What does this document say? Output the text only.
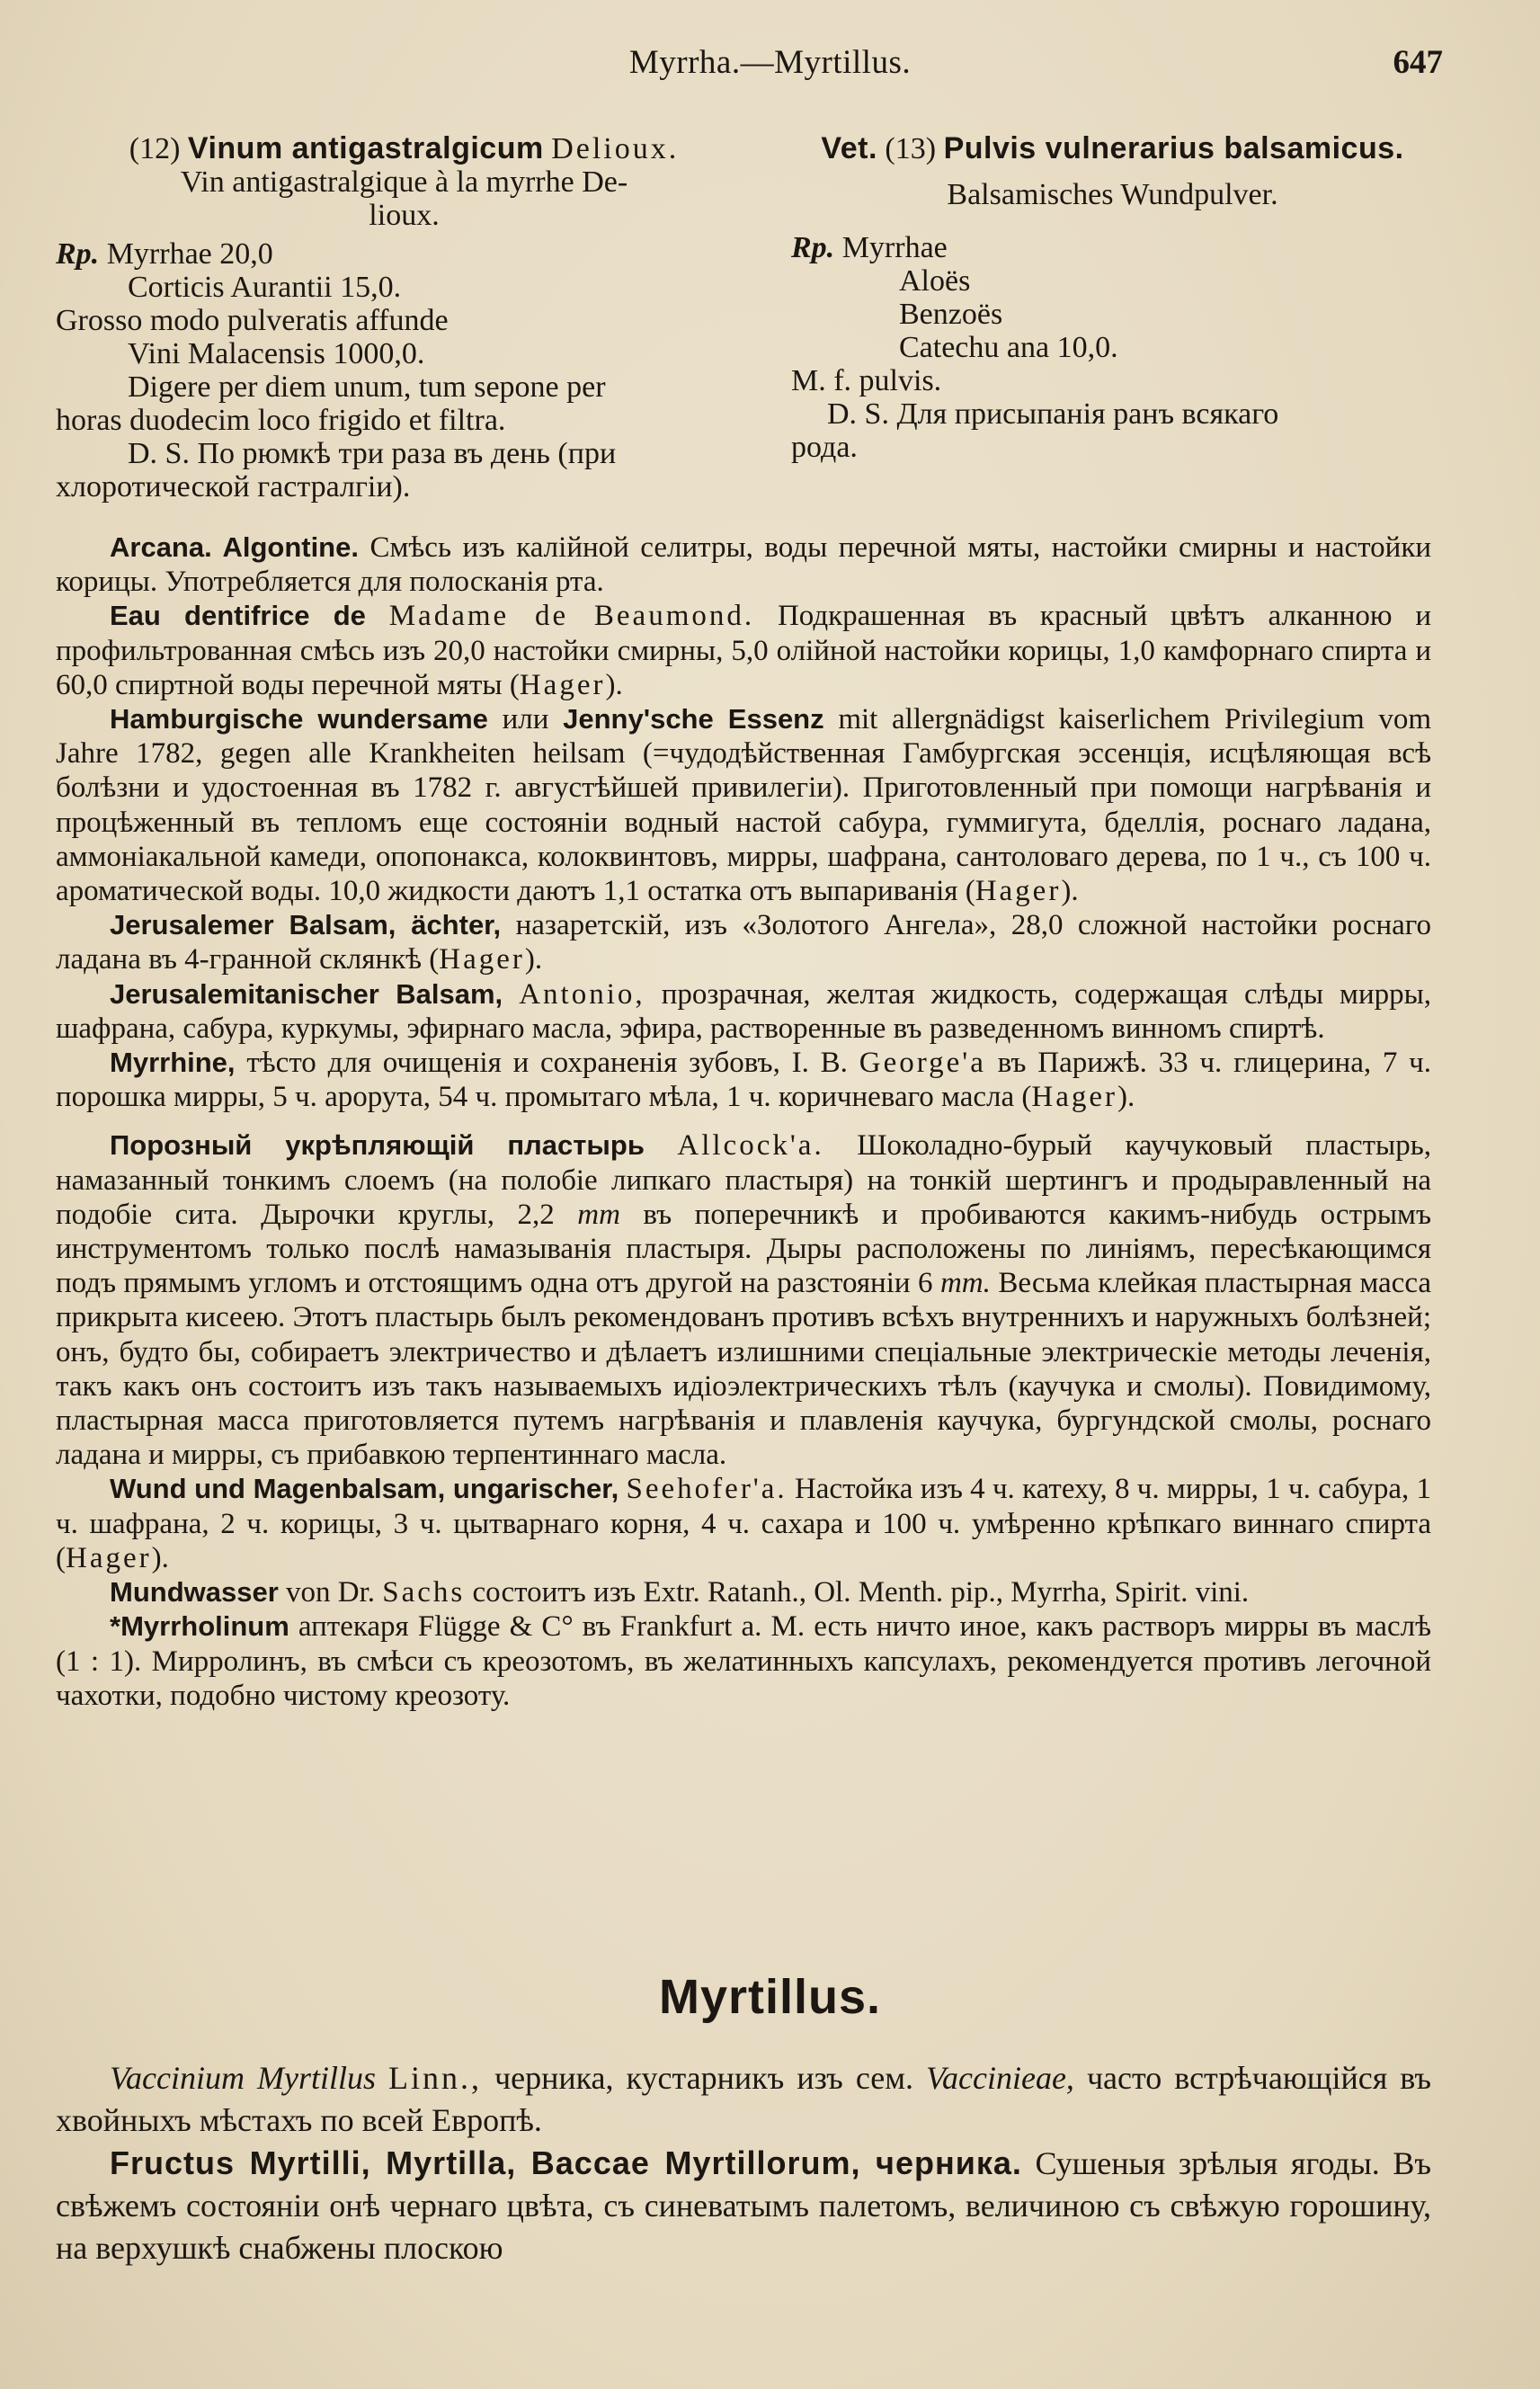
Myrrha.—Myrtillus.	647
(12) Vinum antigastralgicum Delioux.
Vin antigastralgique à la myrrhe De-
lioux.
Rp. Myrrhae 20,0
Corticis Aurantii 15,0.
Grosso modo pulveratis affunde
Vini Malacensis 1000,0.
Digere per diem unum, tum sepone per
horas duodecim loco frigido et filtra.
D. S. По рюмкѣ три раза въ день (при
хлоротической гастралгіи).
Vet. (13) Pulvis vulnerarius balsamicus.
Balsamisches Wundpulver.
Rp. Myrrhae
Aloës
Benzoës
Catechu ana 10,0.
M. f. pulvis.
D. S. Для присыпанія ранъ всякаго
рода.

Arcana. Algontine. Смѣсь изъ калійной селитры, воды перечной мяты, настойки смирны и настойки корицы. Употребляется для полосканія рта.

Eau dentifrice de Madame de Beaumond. Подкрашенная въ красный цвѣтъ алканною и профильтрованная смѣсь изъ 20,0 настойки смирны, 5,0 олійной настойки корицы, 1,0 камфорнаго спирта и 60,0 спиртной воды перечной мяты (Hager).

Hamburgische wundersame или Jenny'sche Essenz mit allergnädigst kaiserlichem Privilegium vom Jahre 1782, gegen alle Krankheiten heilsam (=чудодѣйственная Гамбургская эссенція, исцѣляющая всѣ болѣзни и удостоенная въ 1782 г. августѣйшей привилегіи). Приготовленный при помощи нагрѣванія и процѣженный въ тепломъ еще состояніи водный настой сабура, гуммигута, бделлія, роснаго ладана, аммоніакальной камеди, опопонакса, колоквинтовъ, мирры, шафрана, сантоловаго дерева, по 1 ч., съ 100 ч. ароматической воды. 10,0 жидкости даютъ 1,1 остатка отъ выпариванія (Hager).

Jerusalemer Balsam, ächter, назаретскій, изъ «Золотого Ангела», 28,0 сложной настойки роснаго ладана въ 4-гранной склянкѣ (Hager).

Jerusalemitanischer Balsam, Antonio, прозрачная, желтая жидкость, содержащая слѣды мирры, шафрана, сабура, куркумы, эфирнаго масла, эфира, растворенные въ разведенномъ винномъ спиртѣ.

Myrrhine, тѣсто для очищенія и сохраненія зубовъ, I. B. George'а въ Парижѣ. 33 ч. глицерина, 7 ч. порошка мирры, 5 ч. арорута, 54 ч. промытаго мѣла, 1 ч. коричневаго масла (Hager).

Порозный укрѣпляющій пластырь Allcock'а. Шоколадно-бурый каучуковый пластырь, намазанный тонкимъ слоемъ (на полобіе липкаго пластыря) на тонкій шертингъ и продыравленный на подобіе сита. Дырочки круглы, 2,2 mm въ поперечникѣ и пробиваются какимъ-нибудь острымъ инструментомъ только послѣ намазыванія пластыря. Дыры расположены по линіямъ, пересѣкающимся подъ прямымъ угломъ и отстоящимъ одна отъ другой на разстояніи 6 mm. Весьма клейкая пластырная масса прикрыта кисеею. Этотъ пластырь былъ рекомендованъ противъ всѣхъ внутреннихъ и наружныхъ болѣзней; онъ, будто бы, собираетъ электричество и дѣлаетъ излишними спеціальные электрическіе методы леченія, такъ какъ онъ состоитъ изъ такъ называемыхъ идіоэлектрическихъ тѣлъ (каучука и смолы). Повидимому, пластырная масса приготовляется путемъ нагрѣванія и плавленія каучука, бургундской смолы, роснаго ладана и мирры, съ прибавкою терпентиннаго масла.

Wund und Magenbalsam, ungarischer, Seehofer'а. Настойка изъ 4 ч. катеху, 8 ч. мирры, 1 ч. сабура, 1 ч. шафрана, 2 ч. корицы, 3 ч. цытварнаго корня, 4 ч. сахара и 100 ч. умѣренно крѣпкаго виннаго спирта (Hager).

Mundwasser von Dr. Sachs состоитъ изъ Extr. Ratanh., Ol. Menth. pip., Myrrha, Spirit. vini.

*Myrrholinum аптекаря Flügge & C° въ Frankfurt a. M. есть ничто иное, какъ растворъ мирры въ маслѣ (1 : 1). Мирролинъ, въ смѣси съ креозотомъ, въ желатинныхъ капсулахъ, рекомендуется противъ легочной чахотки, подобно чистому креозоту.

Myrtillus.

Vaccinium Myrtillus Linn., черника, кустарникъ изъ сем. Vaccinieae, часто встрѣчающійся въ хвойныхъ мѣстахъ по всей Европѣ.

Fructus Myrtilli, Myrtilla, Baccae Myrtillorum, черника. Сушеныя зрѣлыя ягоды. Въ свѣжемъ состояніи онѣ чернаго цвѣта, съ синеватымъ палетомъ, величиною съ свѣжую горошину, на верхушкѣ снабжены плоскою
